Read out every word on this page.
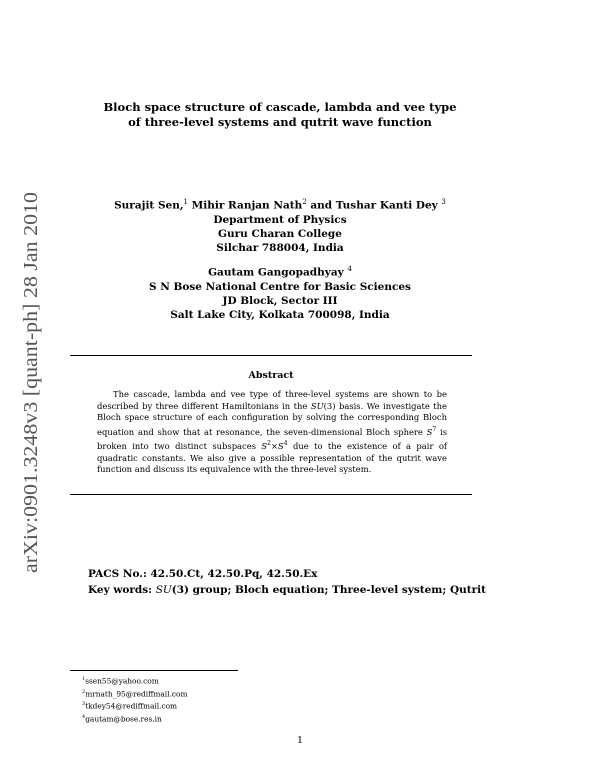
arXiv:0901.3248v3 [quant-ph] 28 Jan 2010
Bloch space structure of cascade, lambda and vee type
of three-level systems and qutrit wave function
Surajit Sen,$^1$ Mihir Ranjan Nath$^2$ and Tushar Kanti Dey $^3$
Department of Physics
Guru Charan College
Silchar 788004, India
Gautam Gangopadhyay $^4$
S N Bose National Centre for Basic Sciences
JD Block, Sector III
Salt Lake City, Kolkata 700098, India
Abstract
The cascade, lambda and vee type of three-level systems are shown to be described by three different Hamiltonians in the SU(3) basis. We investigate the Bloch space structure of each configuration by solving the corresponding Bloch equation and show that at resonance, the seven-dimensional Bloch sphere $S^7$ is broken into two distinct subspaces $S^2\times S^4$ due to the existence of a pair of quadratic constants. We also give a possible representation of the qutrit wave function and discuss its equivalence with the three-level system.
PACS No.: 42.50.Ct, 42.50.Pq, 42.50.Ex
Key words: SU(3) group; Bloch equation; Three-level system; Qutrit
$^1$ssen55@yahoo.com
$^2$mrnath_95@rediffmail.com
$^3$tkdey54@rediffmail.com
$^4$gautam@bose.res.in
1
